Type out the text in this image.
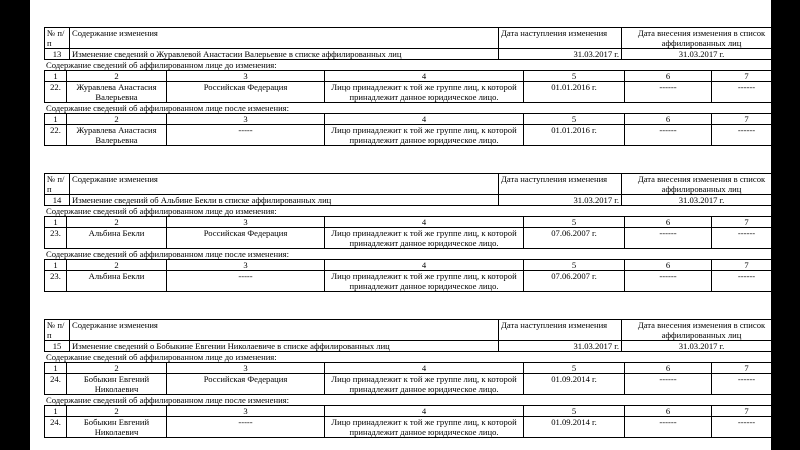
№ п/п	Содержание изменения	Дата наступления изменения	Дата внесения изменения в список аффилированных лиц
13	Изменение сведений о Журавлевой Анастасии Валерьевне в списке аффилированных лиц	31.03.2017 г.	31.03.2017 г.
Содержание сведений об аффилированном лице до изменения:
1	2	3	4	5	6	7
22.	Журавлева Анастасия Валерьевна	Российская Федерация	Лицо принадлежит к той же группе лиц, к которой принадлежит данное юридическое лицо.	01.01.2016 г.	------	------
Содержание сведений об аффилированном лице после изменения:
1	2	3	4	5	6	7
22.	Журавлева Анастасия Валерьевна	-----	Лицо принадлежит к той же группе лиц, к которой принадлежит данное юридическое лицо.	01.01.2016 г.	------	------
№ п/п	Содержание изменения	Дата наступления изменения	Дата внесения изменения в список аффилированных лиц
14	Изменение сведений об Альбине Бекли в списке аффилированных лиц	31.03.2017 г.	31.03.2017 г.
Содержание сведений об аффилированном лице до изменения:
1	2	3	4	5	6	7
23.	Альбина Бекли	Российская Федерация	Лицо принадлежит к той же группе лиц, к которой принадлежит данное юридическое лицо.	07.06.2007 г.	------	------
Содержание сведений об аффилированном лице после изменения:
1	2	3	4	5	6	7
23.	Альбина Бекли	-----	Лицо принадлежит к той же группе лиц, к которой принадлежит данное юридическое лицо.	07.06.2007 г.	------	------
№ п/п	Содержание изменения	Дата наступления изменения	Дата внесения изменения в список аффилированных лиц
15	Изменение сведений о Бобыкине Евгении Николаевиче в списке аффилированных лиц	31.03.2017 г.	31.03.2017 г.
Содержание сведений об аффилированном лице до изменения:
1	2	3	4	5	6	7
24.	Бобыкин Евгений Николаевич	Российская Федерация	Лицо принадлежит к той же группе лиц, к которой принадлежит данное юридическое лицо.	01.09.2014 г.	------	------
Содержание сведений об аффилированном лице после изменения:
1	2	3	4	5	6	7
24.	Бобыкин Евгений Николаевич	-----	Лицо принадлежит к той же группе лиц, к которой принадлежит данное юридическое лицо.	01.09.2014 г.	------	------
